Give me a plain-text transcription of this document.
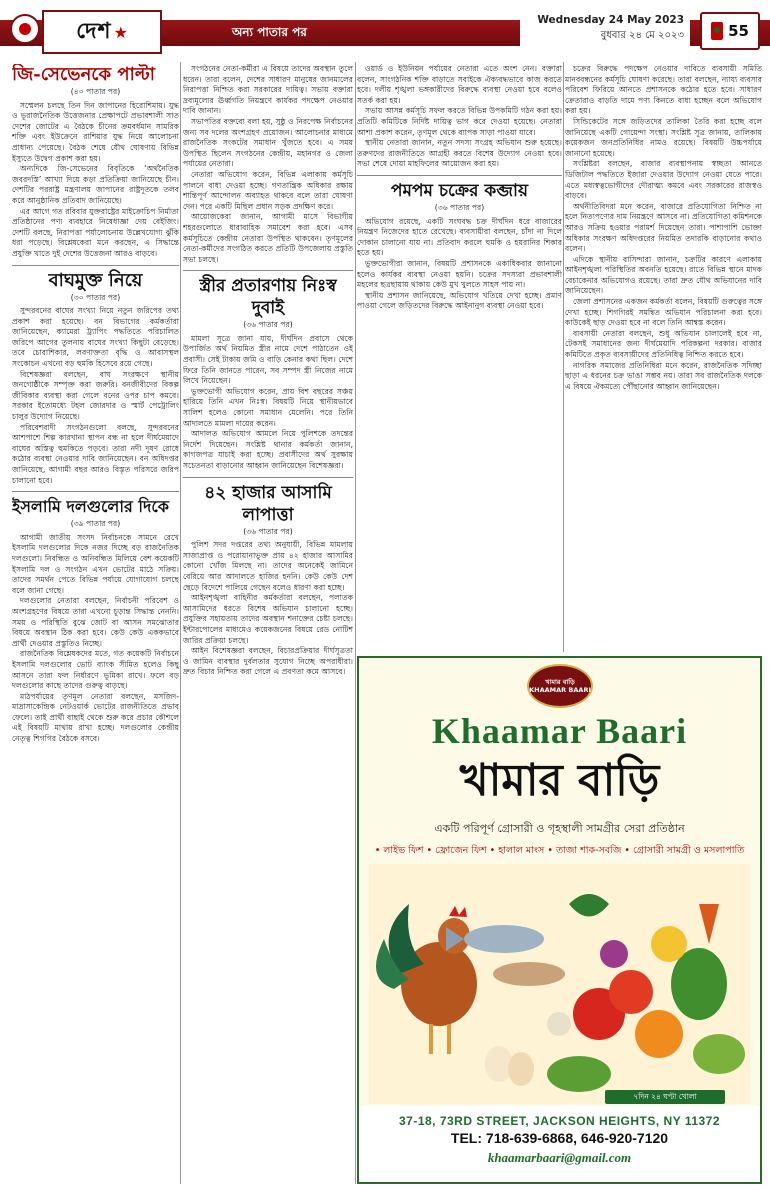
দেশ ★	অন্য পাতার পর
Wednesday 24 May 2023
বুধবার ২৪ মে ২০২৩	55
জি-সেভেনকে পাল্টা
(৪০ পাতার পর)

সম্মেলন চলছে তিন দিন জাপানের হিরোশিমায়। যুদ্ধ ও ভূরাজনৈতিক উত্তেজনার প্রেক্ষাপটে প্রভাবশালী সাত দেশের জোটের এ বৈঠকে চীনের ক্রমবর্ধমান সামরিক শক্তি এবং ইউক্রেনে রাশিয়ার যুদ্ধ নিয়ে আলোচনা প্রাধান্য পেয়েছে। বৈঠক শেষে যৌথ ঘোষণায় বিভিন্ন ইস্যুতে উদ্বেগ প্রকাশ করা হয়।

অন্যদিকে জি-সেভেনের বিবৃতিকে ‘অর্থনৈতিক জবরদস্তি’ আখ্যা দিয়ে কড়া প্রতিক্রিয়া জানিয়েছে চীন। দেশটির পররাষ্ট্র মন্ত্রণালয় জাপানের রাষ্ট্রদূতকে তলব করে আনুষ্ঠানিক প্রতিবাদ জানিয়েছে।

এর আগে গত রবিবার যুক্তরাষ্ট্রের মাইক্রোচিপ নির্মাতা প্রতিষ্ঠানের পণ্য ব্যবহারে নিষেধাজ্ঞা দেয় বেইজিং। দেশটি বলছে, নিরাপত্তা পর্যালোচনায় উল্লেখযোগ্য ঝুঁকি ধরা পড়েছে। বিশ্লেষকেরা মনে করছেন, এ সিদ্ধান্তে প্রযুক্তি খাতে দুই দেশের উত্তেজনা আরও বাড়বে।

বাঘমুক্ত নিয়ে
(৩০ পাতার পর)

সুন্দরবনের বাঘের সংখ্যা নিয়ে নতুন জরিপের তথ্য প্রকাশ করা হয়েছে। বন বিভাগের কর্মকর্তারা জানিয়েছেন, ক্যামেরা ট্র্যাপিং পদ্ধতিতে পরিচালিত জরিপে আগের তুলনায় বাঘের সংখ্যা কিছুটা বেড়েছে। তবে চোরাশিকার, লবণাক্ততা বৃদ্ধি ও আবাসস্থল সংকোচন এখনো বড় হুমকি হিসেবে রয়ে গেছে।

বিশেষজ্ঞরা বলছেন, বাঘ সংরক্ষণে স্থানীয় জনগোষ্ঠীকে সম্পৃক্ত করা জরুরি। বনজীবীদের বিকল্প জীবিকার ব্যবস্থা করা গেলে বনের ওপর চাপ কমবে। সরকার ইতোমধ্যে টহল জোরদার ও স্মার্ট পেট্রোলিং চালুর উদ্যোগ নিয়েছে।

পরিবেশবাদী সংগঠনগুলো বলছে, সুন্দরবনের আশপাশে শিল্প কারখানা স্থাপন বন্ধ না হলে দীর্ঘমেয়াদে বাঘের অস্তিত্ব হুমকিতে পড়বে। তারা নদী দূষণ রোধে কঠোর ব্যবস্থা নেওয়ার দাবি জানিয়েছেন। বন অধিদপ্তর জানিয়েছে, আগামী বছর আরও বিস্তৃত পরিসরে জরিপ চালানো হবে।

ইসলামি দলগুলোর দিকে
(৩৯ পাতার পর)

আগামী জাতীয় সংসদ নির্বাচনকে সামনে রেখে ইসলামি দলগুলোর দিকে নজর দিচ্ছে বড় রাজনৈতিক দলগুলো। নিবন্ধিত ও অনিবন্ধিত মিলিয়ে বেশ কয়েকটি ইসলামি দল ও সংগঠন এখন ভোটের মাঠে সক্রিয়। তাদের সমর্থন পেতে বিভিন্ন পর্যায়ে যোগাযোগ চলছে বলে জানা গেছে।

দলগুলোর নেতারা বলছেন, নির্বাচনী পরিবেশ ও অংশগ্রহণের বিষয়ে তারা এখনো চূড়ান্ত সিদ্ধান্ত নেননি। সময় ও পরিস্থিতি বুঝে জোট বা আসন সমঝোতার বিষয়ে অবস্থান ঠিক করা হবে। কেউ কেউ এককভাবে প্রার্থী দেওয়ার প্রস্তুতিও নিচ্ছে।

রাজনৈতিক বিশ্লেষকদের মতে, গত কয়েকটি নির্বাচনে ইসলামি দলগুলোর ভোট ব্যাংক সীমিত হলেও কিছু আসনে তারা ফল নির্ধারণে ভূমিকা রাখে। ফলে বড় দলগুলোর কাছে তাদের গুরুত্ব বাড়ছে।

মাঠপর্যায়ের তৃণমূল নেতারা বলছেন, মসজিদ-মাদ্রাসাকেন্দ্রিক নেটওয়ার্ক ভোটের রাজনীতিতে প্রভাব ফেলে। তাই প্রার্থী বাছাই থেকে শুরু করে প্রচার কৌশলে এই বিষয়টি মাথায় রাখা হচ্ছে। দলগুলোর কেন্দ্রীয় নেতৃত্ব শিগগির বৈঠকে বসবে।

সংগঠনের নেতা-কর্মীরা এ বিষয়ে তাদের অবস্থান তুলে ধরেন। তারা বলেন, দেশের সাধারণ মানুষের জানমালের নিরাপত্তা নিশ্চিত করা সরকারের দায়িত্ব। সভায় বক্তারা দ্রব্যমূল্যের ঊর্ধ্বগতি নিয়ন্ত্রণে কার্যকর পদক্ষেপ নেওয়ার দাবি জানান।

সভাপতির বক্তব্যে বলা হয়, সুষ্ঠু ও নিরপেক্ষ নির্বাচনের জন্য সব দলের অংশগ্রহণ প্রয়োজন। আলোচনার মাধ্যমে রাজনৈতিক সংকটের সমাধান খুঁজতে হবে। এ সময় উপস্থিত ছিলেন সংগঠনের কেন্দ্রীয়, মহানগর ও জেলা পর্যায়ের নেতারা।

নেতারা অভিযোগ করেন, বিভিন্ন এলাকায় কর্মসূচি পালনে বাধা দেওয়া হচ্ছে। গণতান্ত্রিক অধিকার রক্ষায় শান্তিপূর্ণ আন্দোলন অব্যাহত থাকবে বলে তারা ঘোষণা দেন। পরে একটি মিছিল প্রধান সড়ক প্রদক্ষিণ করে।

আয়োজকেরা জানান, আগামী মাসে বিভাগীয় শহরগুলোতে ধারাবাহিক সমাবেশ করা হবে। এসব কর্মসূচিতে কেন্দ্রীয় নেতারা উপস্থিত থাকবেন। তৃণমূলের নেতা-কর্মীদের সংগঠিত করতে প্রতিটি উপজেলায় প্রস্তুতি সভা চলছে।

স্ত্রীর প্রতারণায় নিঃস্ব দুবাই
(৩৬ পাতার পর)

মামলা সূত্রে জানা যায়, দীর্ঘদিন প্রবাসে থেকে উপার্জিত অর্থ নিয়মিত স্ত্রীর নামে দেশে পাঠাতেন ওই প্রবাসী। সেই টাকায় জমি ও বাড়ি কেনার কথা ছিল। দেশে ফিরে তিনি জানতে পারেন, সব সম্পদ স্ত্রী নিজের নামে লিখে নিয়েছেন।

ভুক্তভোগী অভিযোগ করেন, প্রায় বিশ বছরের সঞ্চয় হারিয়ে তিনি এখন নিঃস্ব। বিষয়টি নিয়ে স্থানীয়ভাবে সালিশ হলেও কোনো সমাধান মেলেনি। পরে তিনি আদালতে মামলা দায়ের করেন।

আদালত অভিযোগ আমলে নিয়ে পুলিশকে তদন্তের নির্দেশ দিয়েছেন। সংশ্লিষ্ট থানার কর্মকর্তা জানান, কাগজপত্র যাচাই করা হচ্ছে। প্রবাসীদের অর্থ সুরক্ষায় সচেতনতা বাড়ানোর আহ্বান জানিয়েছেন বিশেষজ্ঞরা।

৪২ হাজার আসামি লাপাত্তা
(৩৬ পাতার পর)

পুলিশ সদর দপ্তরের তথ্য অনুযায়ী, বিভিন্ন মামলায় সাজাপ্রাপ্ত ও পরোয়ানাভুক্ত প্রায় ৪২ হাজার আসামির কোনো খোঁজ মিলছে না। তাদের অনেকেই জামিনে বেরিয়ে আর আদালতে হাজির হননি। কেউ কেউ দেশ ছেড়ে বিদেশে পালিয়ে গেছেন বলেও ধারণা করা হচ্ছে।

আইনশৃঙ্খলা বাহিনীর কর্মকর্তারা বলছেন, পলাতক আসামিদের ধরতে বিশেষ অভিযান চালানো হচ্ছে। প্রযুক্তির সহায়তায় তাদের অবস্থান শনাক্তের চেষ্টা চলছে। ইন্টারপোলের মাধ্যমেও কয়েকজনের বিষয়ে রেড নোটিশ জারির প্রক্রিয়া চলছে।

আইন বিশেষজ্ঞরা বলছেন, বিচারপ্রক্রিয়ার দীর্ঘসূত্রতা ও জামিন ব্যবস্থার দুর্বলতার সুযোগ নিচ্ছে অপরাধীরা। দ্রুত বিচার নিশ্চিত করা গেলে এ প্রবণতা কমে আসবে।

ওয়ার্ড ও ইউনিয়ন পর্যায়ের নেতারা এতে অংশ নেন। বক্তারা বলেন, সাংগঠনিক শক্তি বাড়াতে সবাইকে ঐক্যবদ্ধভাবে কাজ করতে হবে। দলীয় শৃঙ্খলা ভঙ্গকারীদের বিরুদ্ধে ব্যবস্থা নেওয়া হবে বলেও সতর্ক করা হয়।

সভায় আসন্ন কর্মসূচি সফল করতে বিভিন্ন উপকমিটি গঠন করা হয়। প্রতিটি কমিটিকে নির্দিষ্ট দায়িত্ব ভাগ করে দেওয়া হয়েছে। নেতারা আশা প্রকাশ করেন, তৃণমূল থেকে ব্যাপক সাড়া পাওয়া যাবে।

স্থানীয় নেতারা জানান, নতুন সদস্য সংগ্রহ অভিযান শুরু হয়েছে। তরুণদের রাজনীতিতে আগ্রহী করতে বিশেষ উদ্যোগ নেওয়া হবে। সভা শেষে দোয়া মাহফিলের আয়োজন করা হয়।

পমপম চক্রের কব্জায়
(৩৬ পাতার পর)

অভিযোগ রয়েছে, একটি সংঘবদ্ধ চক্র দীর্ঘদিন ধরে বাজারের নিয়ন্ত্রণ নিজেদের হাতে রেখেছে। ব্যবসায়ীরা বলছেন, চাঁদা না দিলে দোকান চালানো যায় না। প্রতিবাদ করলে হুমকি ও হয়রানির শিকার হতে হয়।

ভুক্তভোগীরা জানান, বিষয়টি প্রশাসনকে একাধিকবার জানানো হলেও কার্যকর ব্যবস্থা নেওয়া হয়নি। চক্রের সদস্যরা প্রভাবশালী মহলের ছত্রছায়ায় থাকায় কেউ মুখ খুলতে সাহস পায় না।

স্থানীয় প্রশাসন জানিয়েছে, অভিযোগ খতিয়ে দেখা হচ্ছে। প্রমাণ পাওয়া গেলে জড়িতদের বিরুদ্ধে আইনানুগ ব্যবস্থা নেওয়া হবে।

চক্রের বিরুদ্ধে পদক্ষেপ নেওয়ার দাবিতে ব্যবসায়ী সমিতি মানববন্ধনের কর্মসূচি ঘোষণা করেছে। তারা বলছেন, ন্যায্য ব্যবসার পরিবেশ ফিরিয়ে আনতে প্রশাসনকে কঠোর হতে হবে। সাধারণ ক্রেতারাও বাড়তি দামে পণ্য কিনতে বাধ্য হচ্ছেন বলে অভিযোগ করা হয়।

সিন্ডিকেটের সঙ্গে জড়িতদের তালিকা তৈরি করা হচ্ছে বলে জানিয়েছে একটি গোয়েন্দা সংস্থা। সংশ্লিষ্ট সূত্র জানায়, তালিকায় কয়েকজন জনপ্রতিনিধির নামও রয়েছে। বিষয়টি উচ্চপর্যায়ে জানানো হয়েছে।

সংশ্লিষ্টরা বলছেন, বাজার ব্যবস্থাপনায় স্বচ্ছতা আনতে ডিজিটাল পদ্ধতিতে ইজারা দেওয়ার উদ্যোগ নেওয়া যেতে পারে। এতে মধ্যস্বত্বভোগীদের দৌরাত্ম্য কমবে এবং সরকারের রাজস্বও বাড়বে।

অর্থনীতিবিদরা মনে করেন, বাজারে প্রতিযোগিতা নিশ্চিত না হলে নিত্যপণ্যের দাম নিয়ন্ত্রণে আসবে না। প্রতিযোগিতা কমিশনকে আরও সক্রিয় হওয়ার পরামর্শ দিয়েছেন তারা। পাশাপাশি ভোক্তা অধিকার সংরক্ষণ অধিদপ্তরের নিয়মিত তদারকি বাড়ানোর কথাও বলেন।

এদিকে স্থানীয় বাসিন্দারা জানান, চক্রটির কারণে এলাকায় আইনশৃঙ্খলা পরিস্থিতির অবনতি হয়েছে। রাতে বিভিন্ন স্থানে মাদক বেচাকেনার অভিযোগও রয়েছে। তারা দ্রুত যৌথ অভিযানের দাবি জানিয়েছেন।

জেলা প্রশাসনের একজন কর্মকর্তা বলেন, বিষয়টি গুরুত্বের সঙ্গে দেখা হচ্ছে। শিগগিরই সমন্বিত অভিযান পরিচালনা করা হবে। কাউকেই ছাড় দেওয়া হবে না বলে তিনি আশ্বস্ত করেন।

ব্যবসায়ী নেতারা বলছেন, শুধু অভিযান চালালেই হবে না, টেকসই সমাধানের জন্য দীর্ঘমেয়াদি পরিকল্পনা দরকার। বাজার কমিটিতে প্রকৃত ব্যবসায়ীদের প্রতিনিধিত্ব নিশ্চিত করতে হবে।

নাগরিক সমাজের প্রতিনিধিরা মনে করেন, রাজনৈতিক সদিচ্ছা ছাড়া এ ধরনের চক্র ভাঙা সম্ভব নয়। তারা সব রাজনৈতিক দলকে এ বিষয়ে ঐকমত্যে পৌঁছানোর আহ্বান জানিয়েছেন।

খামার বাড়ি KHAAMAR BAARI
Khaamar Baari
খামার বাড়ি
একটি পরিপূর্ণ গ্রোসারী ও গৃহস্থালী সামগ্রীর সেরা প্রতিষ্ঠান
• লাইভ ফিশ • ফ্রোজেন ফিশ • হালাল মাংস • তাজা শাক-সবজি • গ্রোসারী সামগ্রী ও মসলাপাতি
৭দিন ২৪ ঘণ্টা খোলা
37-18, 73RD STREET, JACKSON HEIGHTS, NY 11372
TEL: 718-639-6868, 646-920-7120
khaamarbaari@gmail.com
